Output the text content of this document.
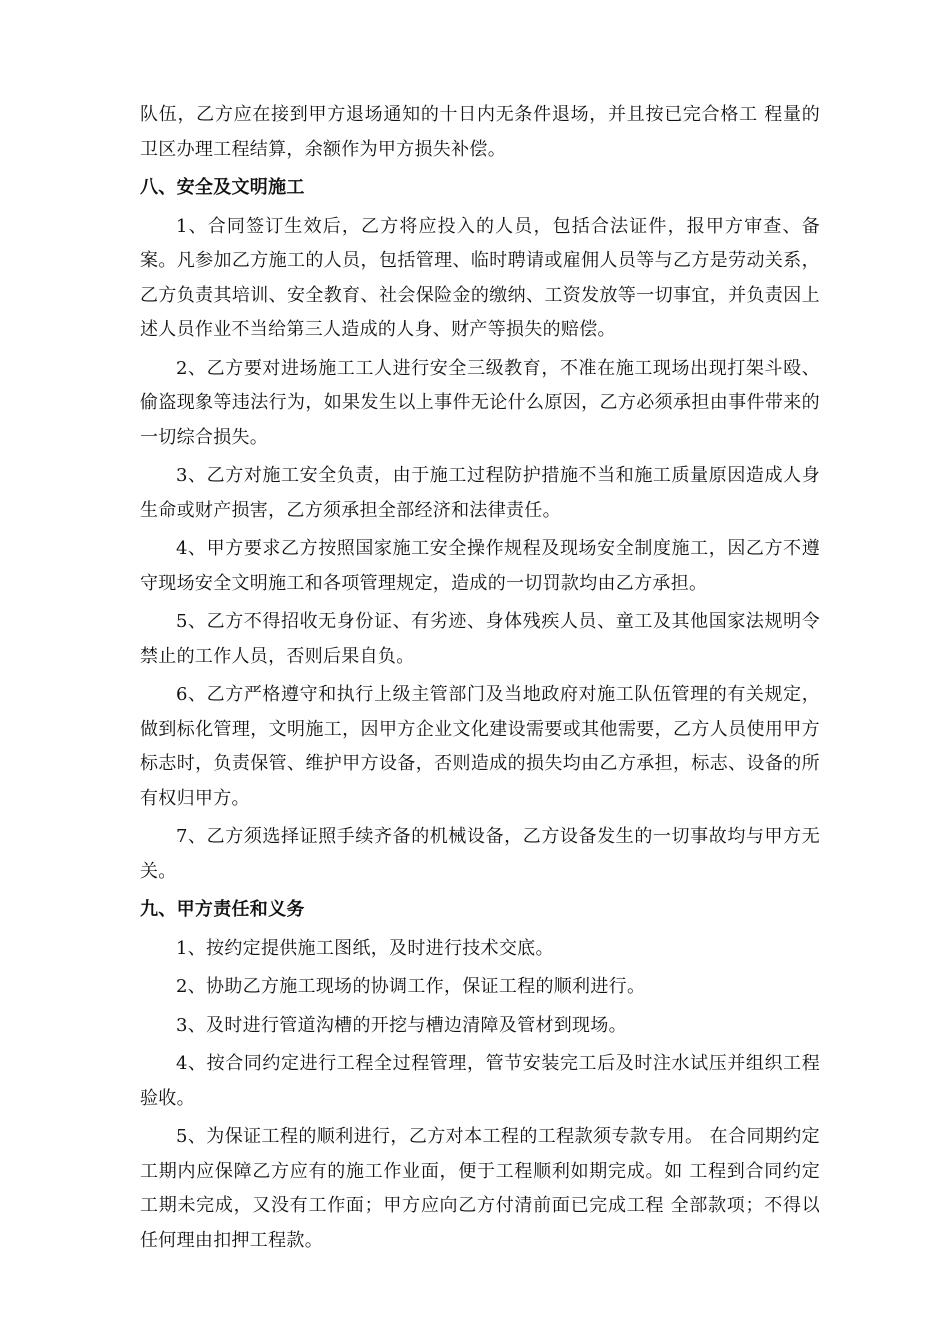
队伍，乙方应在接到甲方退场通知的十日内无条件退场，并且按已完合格工 程量的卫区办理工程结算，余额作为甲方损失补偿。

八、安全及文明施工

1、合同签订生效后，乙方将应投入的人员，包括合法证件，报甲方审查、备案。凡参加乙方施工的人员，包括管理、临时聘请或雇佣人员等与乙方是劳动关系，乙方负责其培训、安全教育、社会保险金的缴纳、工资发放等一切事宜，并负责因上述人员作业不当给第三人造成的人身、财产等损失的赔偿。

2、乙方要对进场施工工人进行安全三级教育，不准在施工现场出现打架斗殴、偷盗现象等违法行为，如果发生以上事件无论什么原因，乙方必须承担由事件带来的一切综合损失。

3、乙方对施工安全负责，由于施工过程防护措施不当和施工质量原因造成人身生命或财产损害，乙方须承担全部经济和法律责任。

4、甲方要求乙方按照国家施工安全操作规程及现场安全制度施工，因乙方不遵守现场安全文明施工和各项管理规定，造成的一切罚款均由乙方承担。

5、乙方不得招收无身份证、有劣迹、身体残疾人员、童工及其他国家法规明令禁止的工作人员，否则后果自负。

6、乙方严格遵守和执行上级主管部门及当地政府对施工队伍管理的有关规定，做到标化管理，文明施工，因甲方企业文化建设需要或其他需要，乙方人员使用甲方标志时，负责保管、维护甲方设备，否则造成的损失均由乙方承担，标志、设备的所有权归甲方。

7、乙方须选择证照手续齐备的机械设备，乙方设备发生的一切事故均与甲方无关。

九、甲方责任和义务

1、按约定提供施工图纸，及时进行技术交底。

2、协助乙方施工现场的协调工作，保证工程的顺利进行。

3、及时进行管道沟槽的开挖与槽边清障及管材到现场。

4、按合同约定进行工程全过程管理，管节安装完工后及时注水试压并组织工程验收。

5、为保证工程的顺利进行，乙方对本工程的工程款须专款专用。 在合同期约定工期内应保障乙方应有的施工作业面，便于工程顺利如期完成。如 工程到合同约定工期未完成，又没有工作面；甲方应向乙方付清前面已完成工程 全部款项；不得以任何理由扣押工程款。
